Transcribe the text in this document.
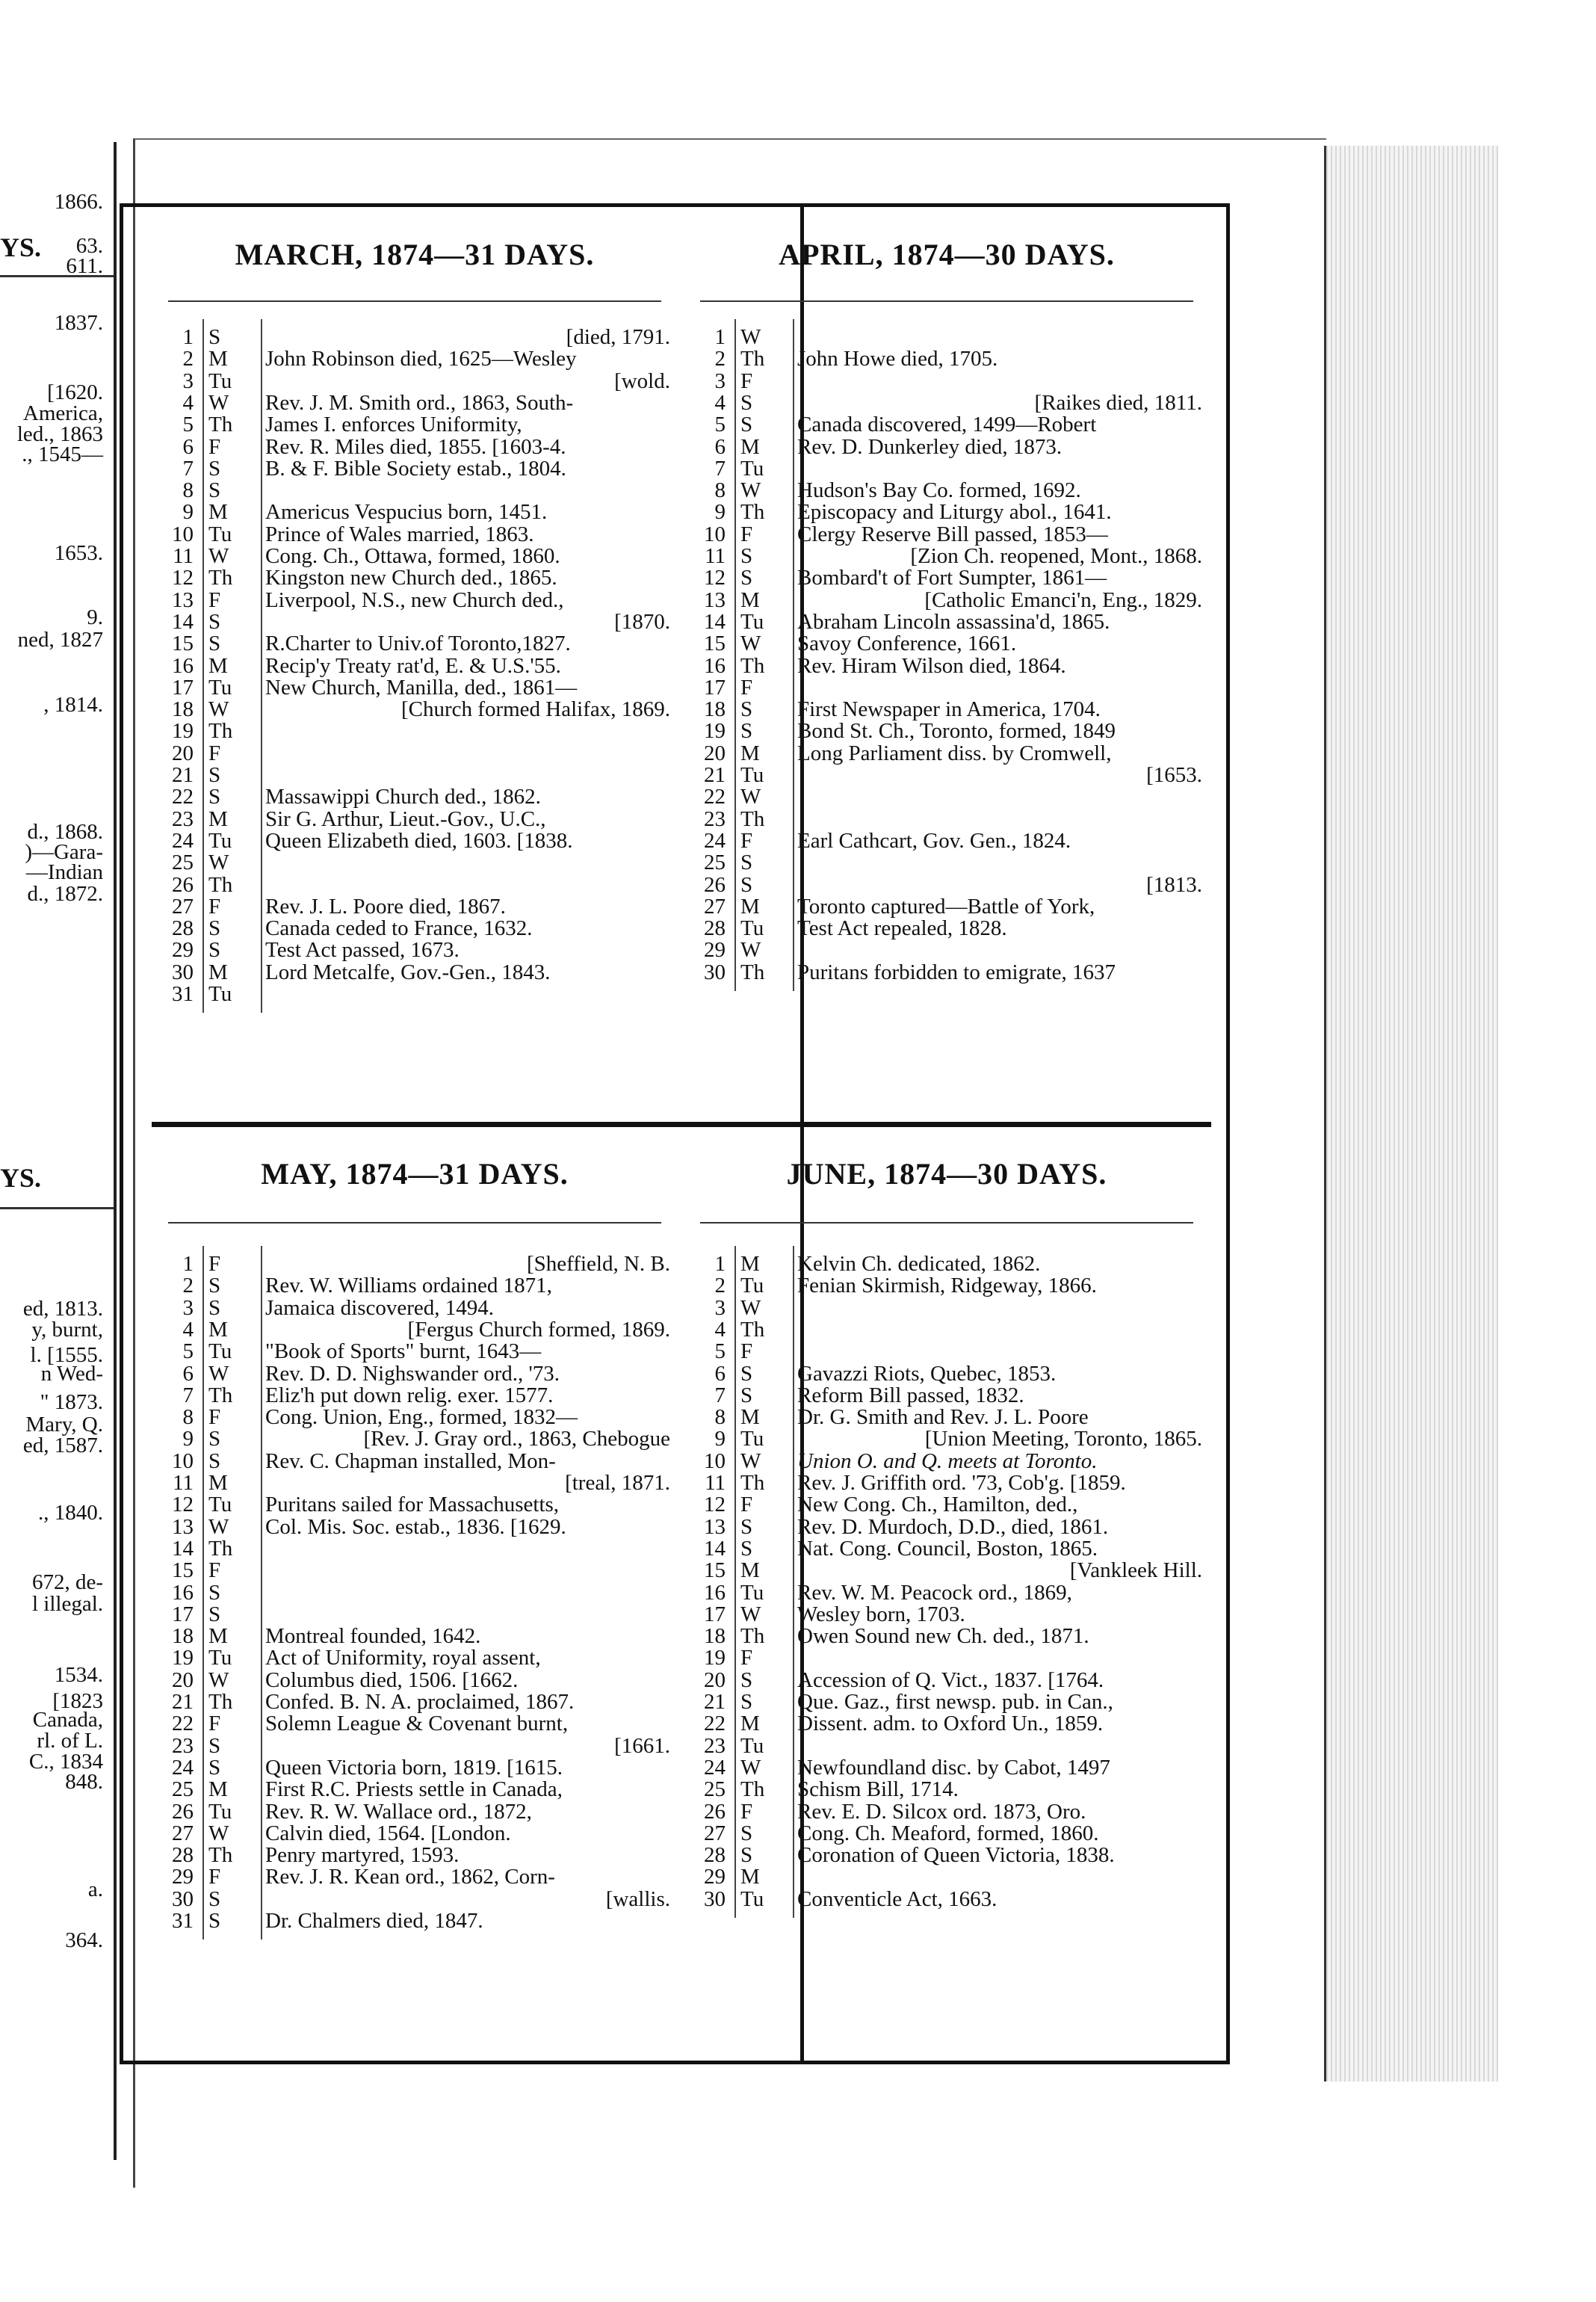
YS.
1866.
63.
611.
1837.
[1620.
America,
led., 1863
., 1545—
1653.
9.
ned, 1827
, 1814.
d., 1868.
)—Gara-
—Indian
d., 1872.
YS.
ed, 1813.
y, burnt,
l. [1555.
n Wed-
" 1873.
Mary, Q.
ed, 1587.
., 1840.
672, de-
l illegal.
1534.
[1823
Canada,
rl. of L.
C., 1834
848.
a.
364.
MARCH, 1874—31 DAYS.
1 S	[died, 1791.
2 M	John Robinson died, 1625—Wesley
3 Tu	[wold.
4 W	Rev. J. M. Smith ord., 1863, South-
5 Th	James I. enforces Uniformity,
6 F	Rev. R. Miles died, 1855. [1603-4.
7 S	B. & F. Bible Society estab., 1804.
8 S
9 M	Americus Vespucius born, 1451.
10 Tu	Prince of Wales married, 1863.
11 W	Cong. Ch., Ottawa, formed, 1860.
12 Th	Kingston new Church ded., 1865.
13 F	Liverpool, N.S., new Church ded.,
14 S	[1870.
15 S	R.Charter to Univ.of Toronto,1827.
16 M	Recip'y Treaty rat'd, E. & U.S.'55.
17 Tu	New Church, Manilla, ded., 1861—
18 W	[Church formed Halifax, 1869.
19 Th
20 F
21 S
22 S	Massawippi Church ded., 1862.
23 M	Sir G. Arthur, Lieut.-Gov., U.C.,
24 Tu	Queen Elizabeth died, 1603. [1838.
25 W
26 Th
27 F	Rev. J. L. Poore died, 1867.
28 S	Canada ceded to France, 1632.
29 S	Test Act passed, 1673.
30 M	Lord Metcalfe, Gov.-Gen., 1843.
31 Tu
APRIL, 1874—30 DAYS.
1 W
2 Th	John Howe died, 1705.
3 F
4 S	[Raikes died, 1811.
5 S	Canada discovered, 1499—Robert
6 M	Rev. D. Dunkerley died, 1873.
7 Tu
8 W	Hudson's Bay Co. formed, 1692.
9 Th	Episcopacy and Liturgy abol., 1641.
10 F	Clergy Reserve Bill passed, 1853—
11 S	[Zion Ch. reopened, Mont., 1868.
12 S	Bombard't of Fort Sumpter, 1861—
13 M	[Catholic Emanci'n, Eng., 1829.
14 Tu	Abraham Lincoln assassina'd, 1865.
15 W	Savoy Conference, 1661.
16 Th	Rev. Hiram Wilson died, 1864.
17 F
18 S	First Newspaper in America, 1704.
19 S	Bond St. Ch., Toronto, formed, 1849
20 M	Long Parliament diss. by Cromwell,
21 Tu	[1653.
22 W
23 Th
24 F	Earl Cathcart, Gov. Gen., 1824.
25 S
26 S	[1813.
27 M	Toronto captured—Battle of York,
28 Tu	Test Act repealed, 1828.
29 W
30 Th	Puritans forbidden to emigrate, 1637
MAY, 1874—31 DAYS.
1 F	[Sheffield, N. B.
2 S	Rev. W. Williams ordained 1871,
3 S	Jamaica discovered, 1494.
4 M	[Fergus Church formed, 1869.
5 Tu	"Book of Sports" burnt, 1643—
6 W	Rev. D. D. Nighswander ord., '73.
7 Th	Eliz'h put down relig. exer. 1577.
8 F	Cong. Union, Eng., formed, 1832—
9 S	[Rev. J. Gray ord., 1863, Chebogue
10 S	Rev. C. Chapman installed, Mon-
11 M	[treal, 1871.
12 Tu	Puritans sailed for Massachusetts,
13 W	Col. Mis. Soc. estab., 1836. [1629.
14 Th
15 F
16 S
17 S
18 M	Montreal founded, 1642.
19 Tu	Act of Uniformity, royal assent,
20 W	Columbus died, 1506. [1662.
21 Th	Confed. B. N. A. proclaimed, 1867.
22 F	Solemn League & Covenant burnt,
23 S	[1661.
24 S	Queen Victoria born, 1819. [1615.
25 M	First R.C. Priests settle in Canada,
26 Tu	Rev. R. W. Wallace ord., 1872,
27 W	Calvin died, 1564. [London.
28 Th	Penry martyred, 1593.
29 F	Rev. J. R. Kean ord., 1862, Corn-
30 S	[wallis.
31 S	Dr. Chalmers died, 1847.
JUNE, 1874—30 DAYS.
1 M	Kelvin Ch. dedicated, 1862.
2 Tu	Fenian Skirmish, Ridgeway, 1866.
3 W
4 Th
5 F
6 S	Gavazzi Riots, Quebec, 1853.
7 S	Reform Bill passed, 1832.
8 M	Dr. G. Smith and Rev. J. L. Poore
9 Tu	[Union Meeting, Toronto, 1865.
10 W	Union O. and Q. meets at Toronto.
11 Th	Rev. J. Griffith ord. '73, Cob'g. [1859.
12 F	New Cong. Ch., Hamilton, ded.,
13 S	Rev. D. Murdoch, D.D., died, 1861.
14 S	Nat. Cong. Council, Boston, 1865.
15 M	[Vankleek Hill.
16 Tu	Rev. W. M. Peacock ord., 1869,
17 W	Wesley born, 1703.
18 Th	Owen Sound new Ch. ded., 1871.
19 F
20 S	Accession of Q. Vict., 1837. [1764.
21 S	Que. Gaz., first newsp. pub. in Can.,
22 M	Dissent. adm. to Oxford Un., 1859.
23 Tu
24 W	Newfoundland disc. by Cabot, 1497
25 Th	Schism Bill, 1714.
26 F	Rev. E. D. Silcox ord. 1873, Oro.
27 S	Cong. Ch. Meaford, formed, 1860.
28 S	Coronation of Queen Victoria, 1838.
29 M
30 Tu	Conventicle Act, 1663.
